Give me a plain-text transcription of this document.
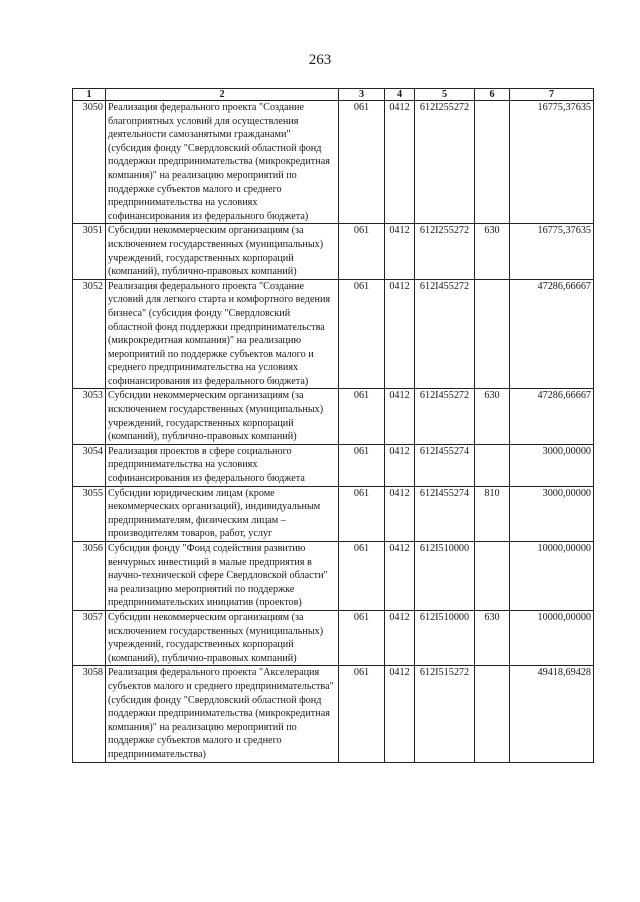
263
1	2	3	4	5	6	7
3050	Реализация федерального проекта "Создание благоприятных условий для осуществления деятельности самозанятыми гражданами" (субсидия фонду "Свердловский областной фонд поддержки предпринимательства (микрокредитная компания)" на реализацию мероприятий по поддержке субъектов малого и среднего предпринимательства на условиях софинансирования из федерального бюджета)	061	0412	612I255272		16775,37635
3051	Субсидии некоммерческим организациям (за исключением государственных (муниципальных) учреждений, государственных корпораций (компаний), публично-правовых компаний)	061	0412	612I255272	630	16775,37635
3052	Реализация федерального проекта "Создание условий для легкого старта и комфортного ведения бизнеса" (субсидия фонду "Свердловский областной фонд поддержки предпринимательства (микрокредитная компания)" на реализацию мероприятий по поддержке субъектов малого и среднего предпринимательства на условиях софинансирования из федерального бюджета)	061	0412	612I455272		47286,66667
3053	Субсидии некоммерческим организациям (за исключением государственных (муниципальных) учреждений, государственных корпораций (компаний), публично-правовых компаний)	061	0412	612I455272	630	47286,66667
3054	Реализация проектов в сфере социального предпринимательства на условиях софинансирования из федерального бюджета	061	0412	612I455274		3000,00000
3055	Субсидии юридическим лицам (кроме некоммерческих организаций), индивидуальным предпринимателям, физическим лицам – производителям товаров, работ, услуг	061	0412	612I455274	810	3000,00000
3056	Субсидия фонду "Фонд содействия развитию венчурных инвестиций в малые предприятия в научно-технической сфере Свердловской области" на реализацию мероприятий по поддержке предпринимательских инициатив (проектов)	061	0412	612I510000		10000,00000
3057	Субсидии некоммерческим организациям (за исключением государственных (муниципальных) учреждений, государственных корпораций (компаний), публично-правовых компаний)	061	0412	612I510000	630	10000,00000
3058	Реализация федерального проекта "Акселерация субъектов малого и среднего предпринимательства" (субсидия фонду "Свердловский областной фонд поддержки предпринимательства (микрокредитная компания)" на реализацию мероприятий по поддержке субъектов малого и среднего предпринимательства)	061	0412	612I515272		49418,69428
